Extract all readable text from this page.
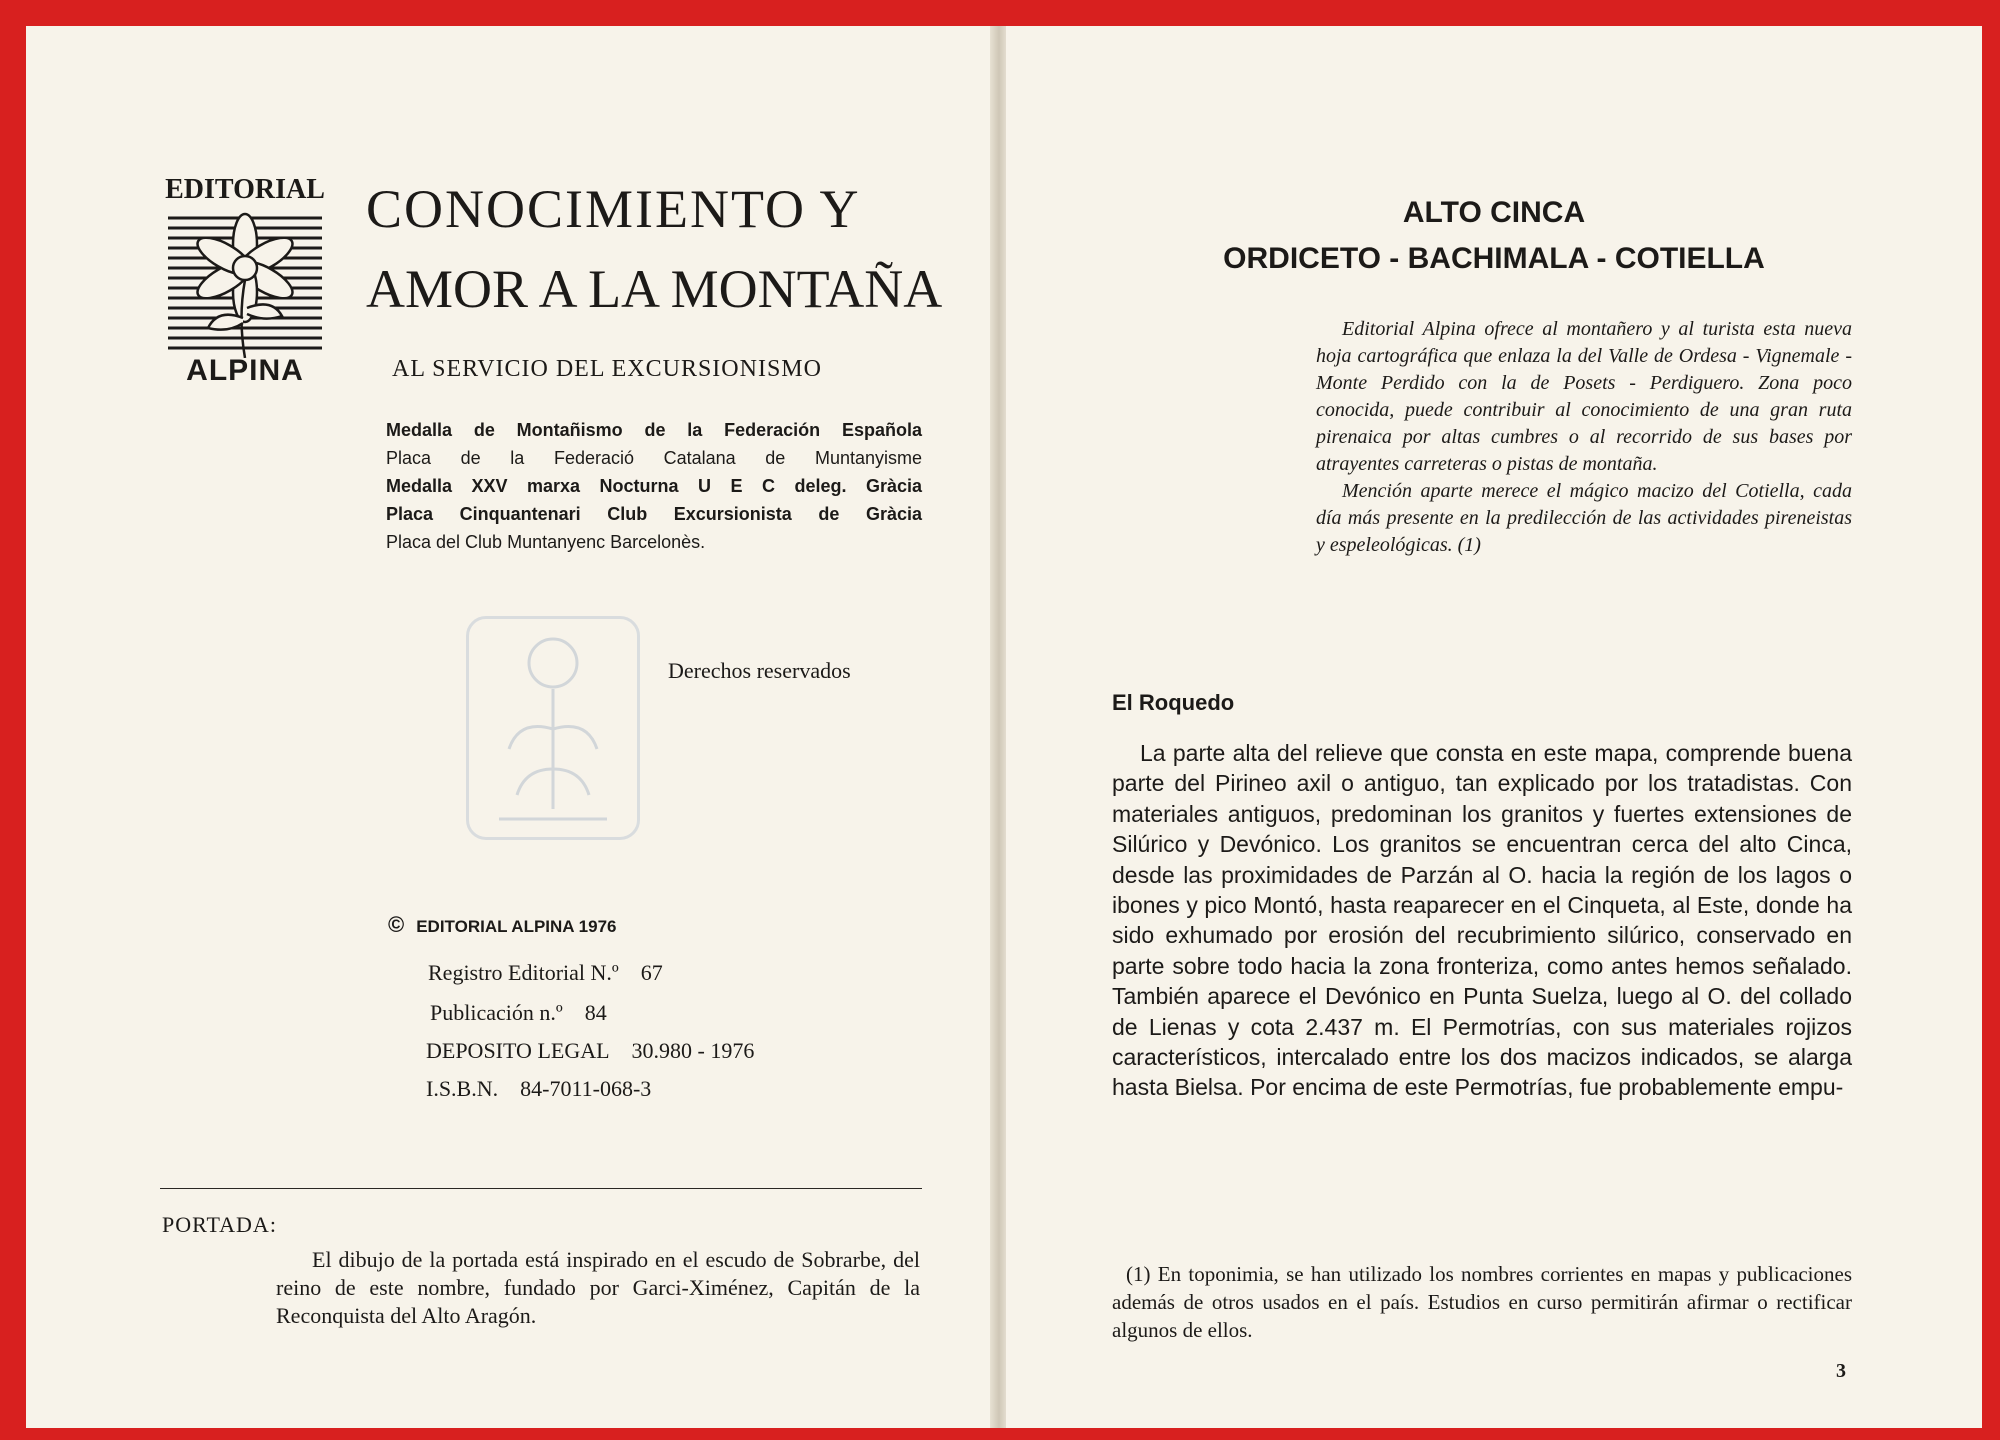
EDITORIAL
ALPINA
CONOCIMIENTO Y
AMOR A LA MONTAÑA
AL SERVICIO DEL EXCURSIONISMO
Medalla de Montañismo de la Federación Española
Placa de la Federació Catalana de Muntanyisme
Medalla XXV marxa Nocturna U E C deleg. Gràcia
Placa Cinquantenari Club Excursionista de Gràcia
Placa del Club Muntanyenc Barcelonès.
Derechos reservados
© EDITORIAL ALPINA 1976
Registro Editorial N.º 67
Publicación n.º 84
DEPOSITO LEGAL 30.980 - 1976
I.S.B.N. 84-7011-068-3
PORTADA:
El dibujo de la portada está inspirado en el escudo de Sobrarbe, del reino de este nombre, fundado por Garci-Ximénez, Capitán de la Reconquista del Alto Aragón.
ALTO CINCA
ORDICETO - BACHIMALA - COTIELLA

Editorial Alpina ofrece al montañero y al turista esta nueva hoja cartográfica que enlaza la del Valle de Ordesa - Vignemale - Monte Perdido con la de Posets - Perdiguero. Zona poco conocida, puede contribuir al conocimiento de una gran ruta pirenaica por altas cumbres o al recorrido de sus bases por atrayentes carreteras o pistas de montaña.

Mención aparte merece el mágico macizo del Cotiella, cada día más presente en la predilección de las actividades pireneistas y espeleológicas. (1)

El Roquedo
La parte alta del relieve que consta en este mapa, comprende buena parte del Pirineo axil o antiguo, tan explicado por los tratadistas. Con materiales antiguos, predominan los granitos y fuertes extensiones de Silúrico y Devónico. Los granitos se encuentran cerca del alto Cinca, desde las proximidades de Parzán al O. hacia la región de los lagos o ibones y pico Montó, hasta reaparecer en el Cinqueta, al Este, donde ha sido exhumado por erosión del recubrimiento silúrico, conservado en parte sobre todo hacia la zona fronteriza, como antes hemos señalado. También aparece el Devónico en Punta Suelza, luego al O. del collado de Lienas y cota 2.437 m. El Permotrías, con sus materiales rojizos característicos, intercalado entre los dos macizos indicados, se alarga hasta Bielsa. Por encima de este Permotrías, fue probablemente empu-
(1) En toponimia, se han utilizado los nombres corrientes en mapas y publicaciones además de otros usados en el país. Estudios en curso permitirán afirmar o rectificar algunos de ellos.
3
